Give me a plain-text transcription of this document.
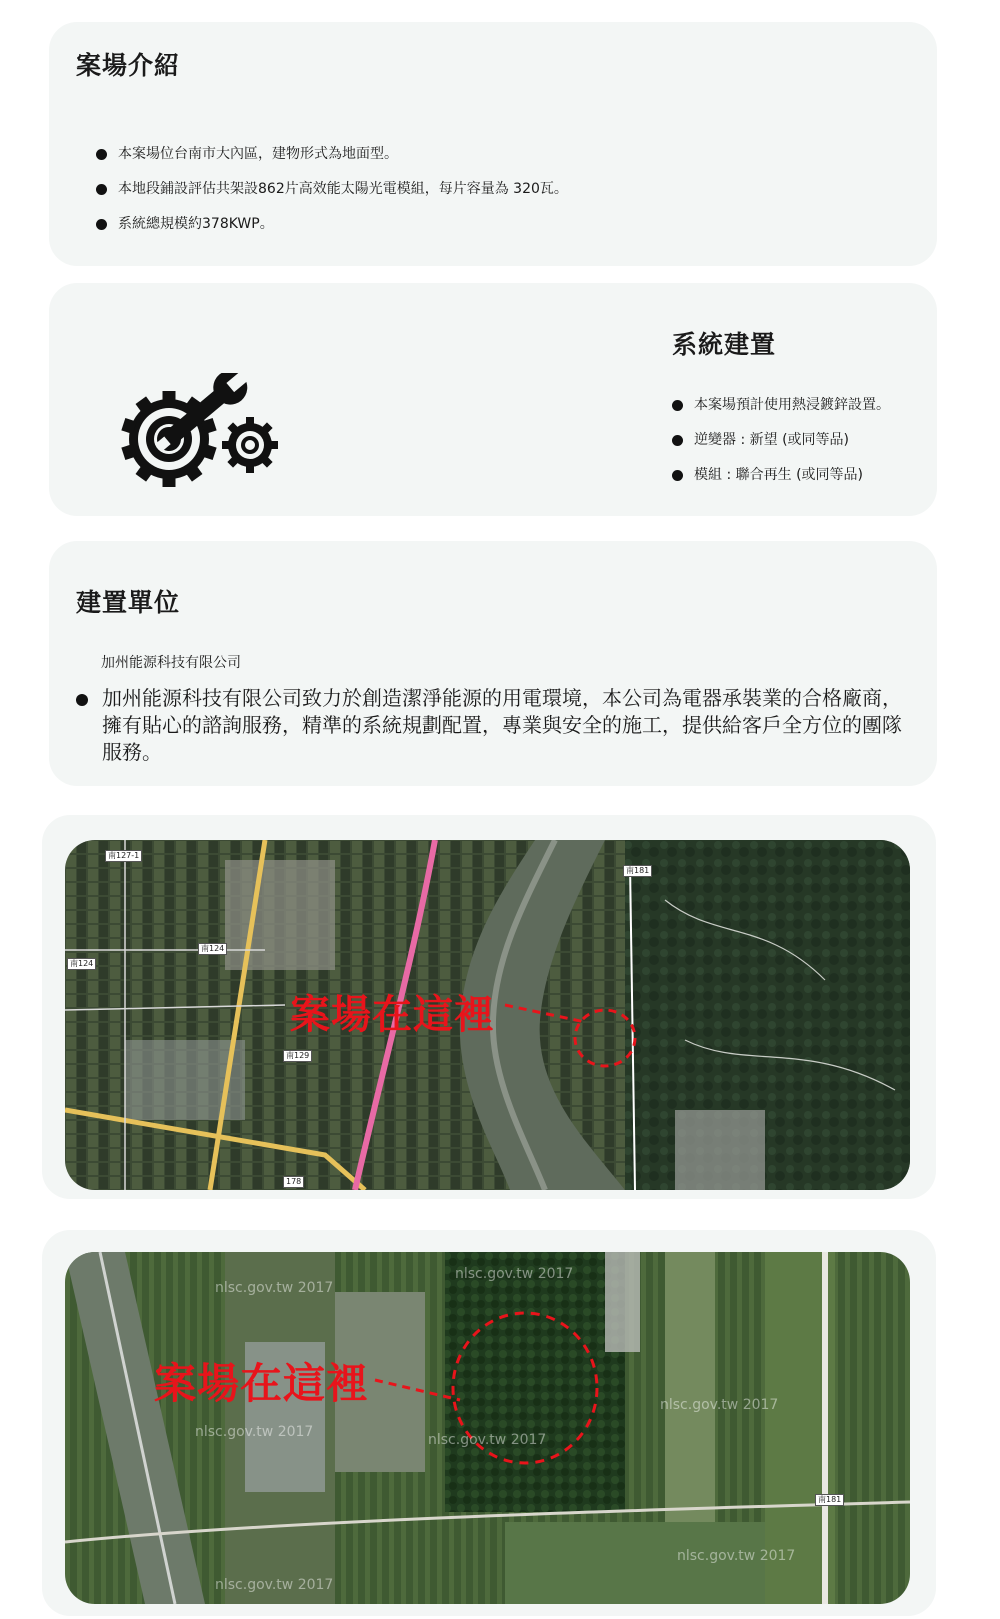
案場介紹
本案場位台南市大內區，建物形式為地面型。
本地段鋪設評估共架設862片高效能太陽光電模組，每片容量為 320瓦。
系統總規模約378KWP。
系統建置
本案場預計使用熱浸鍍鋅設置。
逆變器 : 新望 (或同等品)
模組 : 聯合再生 (或同等品)
建置單位

加州能源科技有限公司

加州能源科技有限公司致力於創造潔淨能源的用電環境，本公司為電器承裝業的合格廠商，擁有貼心的諮詢服務，精準的系統規劃配置，專業與安全的施工，提供給客戶全方位的團隊服務。

南127-1
南181
南124
南124
南129
178
案場在這裡
nlsc.gov.tw 2017
nlsc.gov.tw 2017
nlsc.gov.tw 2017	nlsc.gov.tw 2017
nlsc.gov.tw 2017
nlsc.gov.tw 2017
nlsc.gov.tw 2017
南181
案場在這裡
